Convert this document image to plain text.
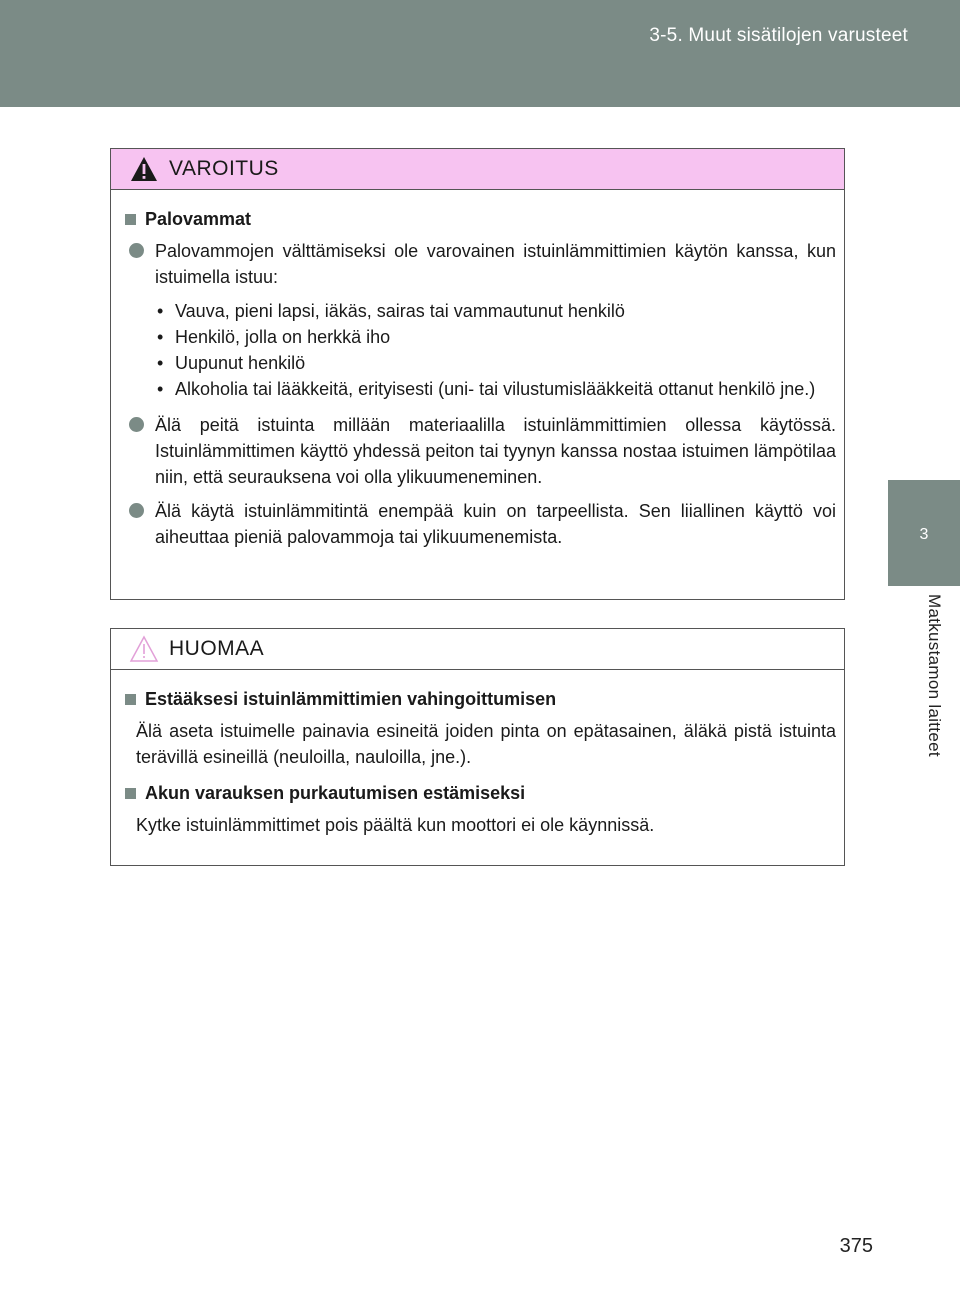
3-5. Muut sisätilojen varusteet
3
Matkustamon laitteet
VAROITUS
Palovammat
Palovammojen välttämiseksi ole varovainen istuinlämmittimien käytön kanssa, kun istuimella istuu:
• Vauva, pieni lapsi, iäkäs, sairas tai vammautunut henkilö
• Henkilö, jolla on herkkä iho
• Uupunut henkilö
• Alkoholia tai lääkkeitä, erityisesti (uni- tai vilustumislääkkeitä ottanut henkilö jne.)
Älä peitä istuinta millään materiaalilla istuinlämmittimien ollessa käytössä. Istuinlämmittimen käyttö yhdessä peiton tai tyynyn kanssa nostaa istuimen lämpötilaa niin, että seurauksena voi olla ylikuumeneminen.
Älä käytä istuinlämmitintä enempää kuin on tarpeellista. Sen liiallinen käyttö voi aiheuttaa pieniä palovammoja tai ylikuumenemista.
HUOMAA
Estääksesi istuinlämmittimien vahingoittumisen
Älä aseta istuimelle painavia esineitä joiden pinta on epätasainen, äläkä pistä istuinta terävillä esineillä (neuloilla, nauloilla, jne.).
Akun varauksen purkautumisen estämiseksi
Kytke istuinlämmittimet pois päältä kun moottori ei ole käynnissä.
375
